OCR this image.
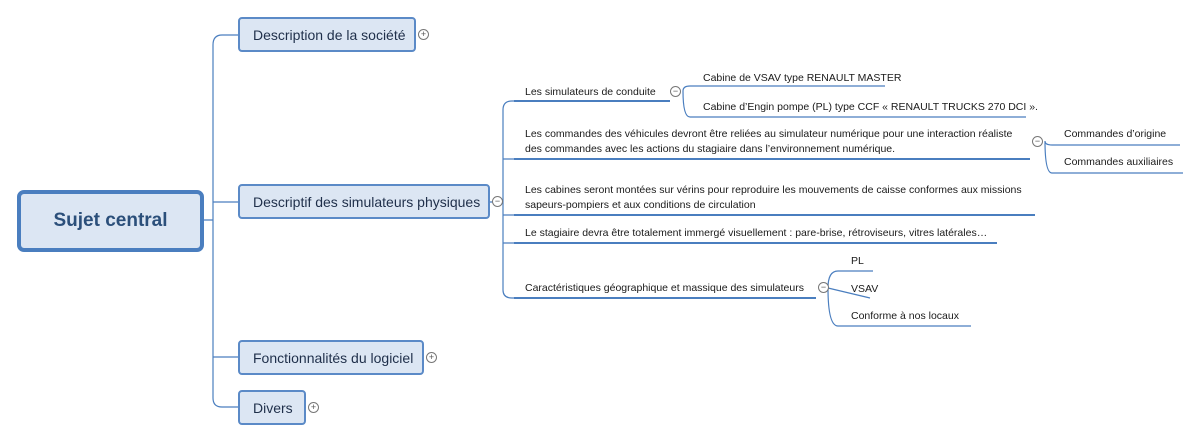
Sujet central
Description de la société +
Descriptif des simulateurs physiques −
Fonctionnalités du logiciel +
Divers +
Les simulateurs de conduite −
Cabine de VSAV type RENAULT MASTER
Cabine d’Engin pompe (PL) type CCF « RENAULT TRUCKS 270 DCI ».
Les commandes des véhicules devront être reliées au simulateur numérique pour une interaction réaliste
des commandes avec les actions du stagiaire dans l’environnement numérique.
−
Commandes d’origine
Commandes auxiliaires
Les cabines seront montées sur vérins pour reproduire les mouvements de caisse conformes aux missions
sapeurs-pompiers et aux conditions de circulation
Le stagiaire devra être totalement immergé visuellement : pare-brise, rétroviseurs, vitres latérales…
Caractéristiques géographique et massique des simulateurs −
PL
VSAV
Conforme à nos locaux
